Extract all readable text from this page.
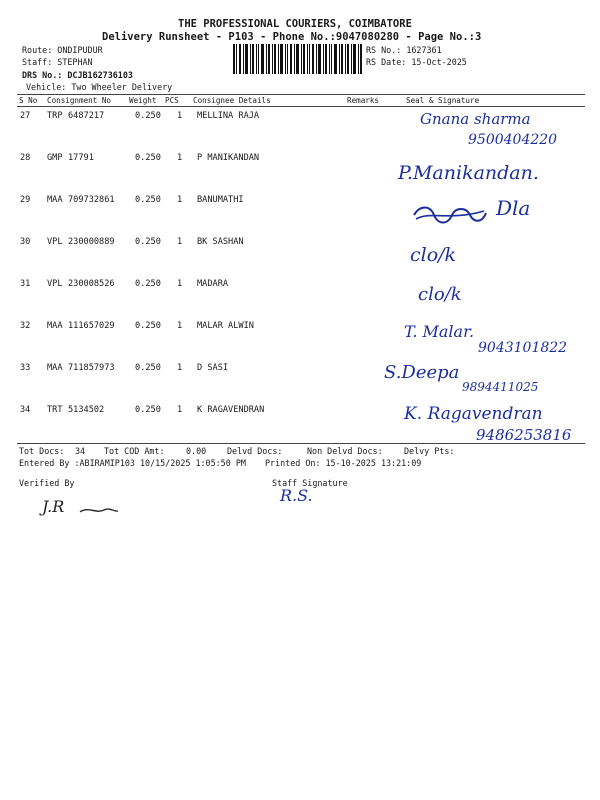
THE PROFESSIONAL COURIERS, COIMBATORE
Delivery Runsheet - P103 - Phone No.:9047080280 - Page No.:3
Route: ONDIPUDUR
Staff: STEPHAN
DRS No.: DCJB162736103
Vehicle: Two Wheeler Delivery
RS No.: 1627361
RS Date: 15-Oct-2025
S No Consignment No Weight PCS Consignee Details	Remarks	Seal & Signature
27 TRP 6487217	0.250 1 MELLINA RAJA	Gnana sharma
9500404220
28 GMP 17791	0.250 1 P MANIKANDAN
P.Manikandan.
29 MAA 709732861 0.250 1 BANUMATHI	Dla
30 VPL 230000889 0.250 1 BK SASHAN
clo/k
31 VPL 230008526 0.250 1 MADARA	clo/k
32 MAA 111657029 0.250 1 MALAR ALWIN	T. Malar.
9043101822
33 MAA 711857973 0.250 1 D SASI	S.Deepa
9894411025
34 TRT 5134502	0.250 1 K RAGAVENDRAN	K. Ragavendran
9486253816
Tot Docs: 34 Tot COD Amt:	0.00 Delvd Docs:	Non Delvd Docs:	Delvy Pts:
Entered By :ABIRAMIP103 10/15/2025 1:05:50 PM Printed On: 15-10-2025 13:21:09
Verified By	Staff Signature
J.R
R.S.
